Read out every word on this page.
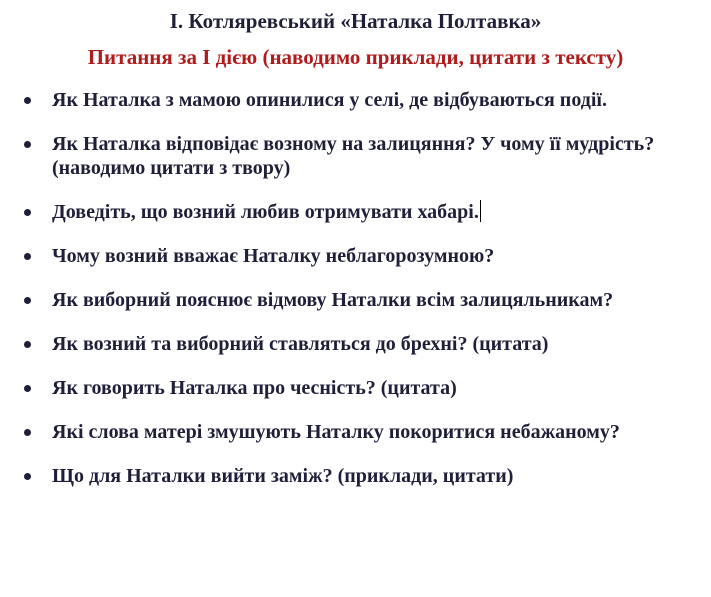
І. Котляревський «Наталка Полтавка»
Питання за І дією (наводимо приклади, цитати з тексту)
Як Наталка з мамою опинилися у селі, де відбуваються події.
Як Наталка відповідає возному на залицяння? У чому її мудрість? (наводимо цитати з твору)
Доведіть, що возний любив отримувати хабарі.
Чому возний вважає Наталку неблагорозумною?
Як виборний пояснює відмову Наталки всім залицяльникам?
Як возний та виборний ставляться до брехні? (цитата)
Як говорить Наталка про чесність? (цитата)
Які слова матері змушують Наталку покоритися небажаному?
Що для Наталки вийти заміж? (приклади, цитати)
